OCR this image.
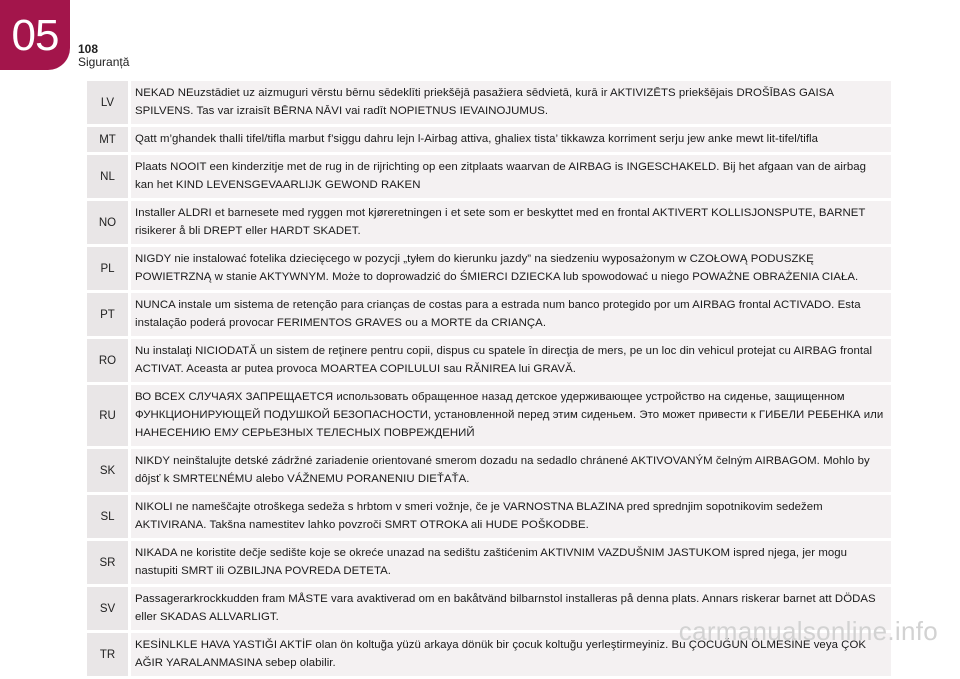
05 108
Siguranță
LV
NEKAD NEuzstādiet uz aizmuguri vērstu bērnu sēdeklīti priekšējā pasažiera sēdvietā, kurā ir AKTIVIZĒTS priekšējais DROŠĪBAS GAISA SPILVENS. Tas var izraisīt BĒRNA NĀVI vai radīt NOPIETNUS IEVAINOJUMUS.
MT	Qatt m’ghandek thalli tifel/tifla marbut f’siggu dahru lejn l-Airbag attiva, ghaliex tista’ tikkawza korriment serju jew anke mewt lit-tifel/tifla
NL
Plaats NOOIT een kinderzitje met de rug in de rijrichting op een zitplaats waarvan de AIRBAG is INGESCHAKELD. Bij het afgaan van de airbag kan het KIND LEVENSGEVAARLIJK GEWOND RAKEN
NO
Installer ALDRI et barnesete med ryggen mot kjøreretningen i et sete som er beskyttet med en frontal AKTIVERT KOLLISJONSPUTE, BARNET risikerer å bli DREPT eller HARDT SKADET.
PL
NIGDY nie instalować fotelika dziecięcego w pozycji „tyłem do kierunku jazdy” na siedzeniu wyposażonym w CZOŁOWĄ PODUSZKĘ POWIETRZNĄ w stanie AKTYWNYM. Może to doprowadzić do ŚMIERCI DZIECKA lub spowodować u niego POWAŻNE OBRAŻENIA CIAŁA.
PT
NUNCA instale um sistema de retenção para crianças de costas para a estrada num banco protegido por um AIRBAG frontal ACTIVADO. Esta instalação poderá provocar FERIMENTOS GRAVES ou a MORTE da CRIANÇA.
RO
Nu instalaţi NICIODATĂ un sistem de reţinere pentru copii, dispus cu spatele în direcţia de mers, pe un loc din vehicul protejat cu AIRBAG frontal ACTIVAT. Aceasta ar putea provoca MOARTEA COPILULUI sau RĂNIREA lui GRAVĂ.
RU
ВО ВСЕХ СЛУЧАЯХ ЗАПРЕЩАЕТСЯ использовать обращенное назад детское удерживающее устройство на сиденье, защищенном ФУНКЦИОНИРУЮЩЕЙ ПОДУШКОЙ БЕЗОПАСНОСТИ, установленной перед этим сиденьем. Это может привести к ГИБЕЛИ РЕБЕНКА или НАНЕСЕНИЮ ЕМУ СЕРЬЕЗНЫХ ТЕЛЕСНЫХ ПОВРЕЖДЕНИЙ
SK
NIKDY neinštalujte detské zádržné zariadenie orientované smerom dozadu na sedadlo chránené AKTIVOVANÝM čelným AIRBAGOM. Mohlo by dôjsť k SMRTEĽNÉMU alebo VÁŽNEMU PORANENIU DIEŤAŤA.
SL
NIKOLI ne nameščajte otroškega sedeža s hrbtom v smeri vožnje, če je VARNOSTNA BLAZINA pred sprednjim sopotnikovim sedežem AKTIVIRANA. Takšna namestitev lahko povzroči SMRT OTROKA ali HUDE POŠKODBE.
SR
NIKADA ne koristite dečje sedište koje se okreće unazad na sedištu zaštićenim AKTIVNIM VAZDUŠNIM JASTUKOM ispred njega, jer mogu nastupiti SMRT ili OZBILJNA POVREDA DETETA.
SV
Passagerarkrockkudden fram MÅSTE vara avaktiverad om en bakåtvänd bilbarnstol installeras på denna plats. Annars riskerar barnet att DÖDAS eller SKADAS ALLVARLIGT.
TR
KESİNLKLE HAVA YASTIĞI AKTİF olan ön koltuğa yüzü arkaya dönük bir çocuk koltuğu yerleştirmeyiniz. Bu ÇOCUĞUN ÖLMESİNE veya ÇOK AĞIR YARALANMASINA sebep olabilir.
carmanualsonline.info
